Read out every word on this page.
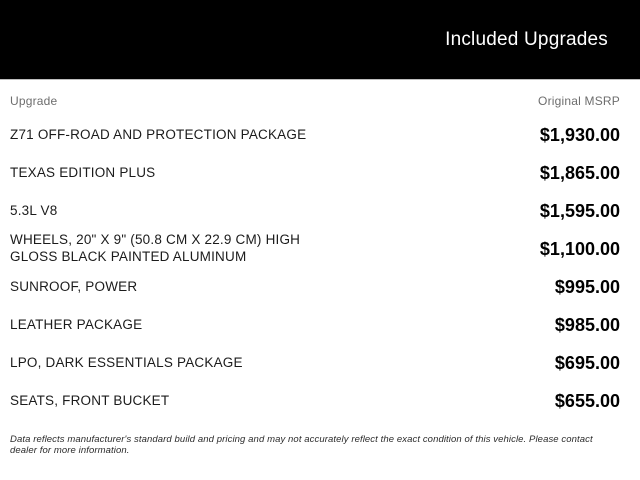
Included Upgrades
Upgrade	Original MSRP
Z71 OFF-ROAD AND PROTECTION PACKAGE	$1,930.00
TEXAS EDITION PLUS	$1,865.00
5.3L V8	$1,595.00
WHEELS, 20" X 9" (50.8 CM X 22.9 CM) HIGH GLOSS BLACK PAINTED ALUMINUM	$1,100.00
SUNROOF, POWER	$995.00
LEATHER PACKAGE	$985.00
LPO, DARK ESSENTIALS PACKAGE	$695.00
SEATS, FRONT BUCKET	$655.00

Data reflects manufacturer's standard build and pricing and may not accurately reflect the exact condition of this vehicle. Please contact dealer for more information.
